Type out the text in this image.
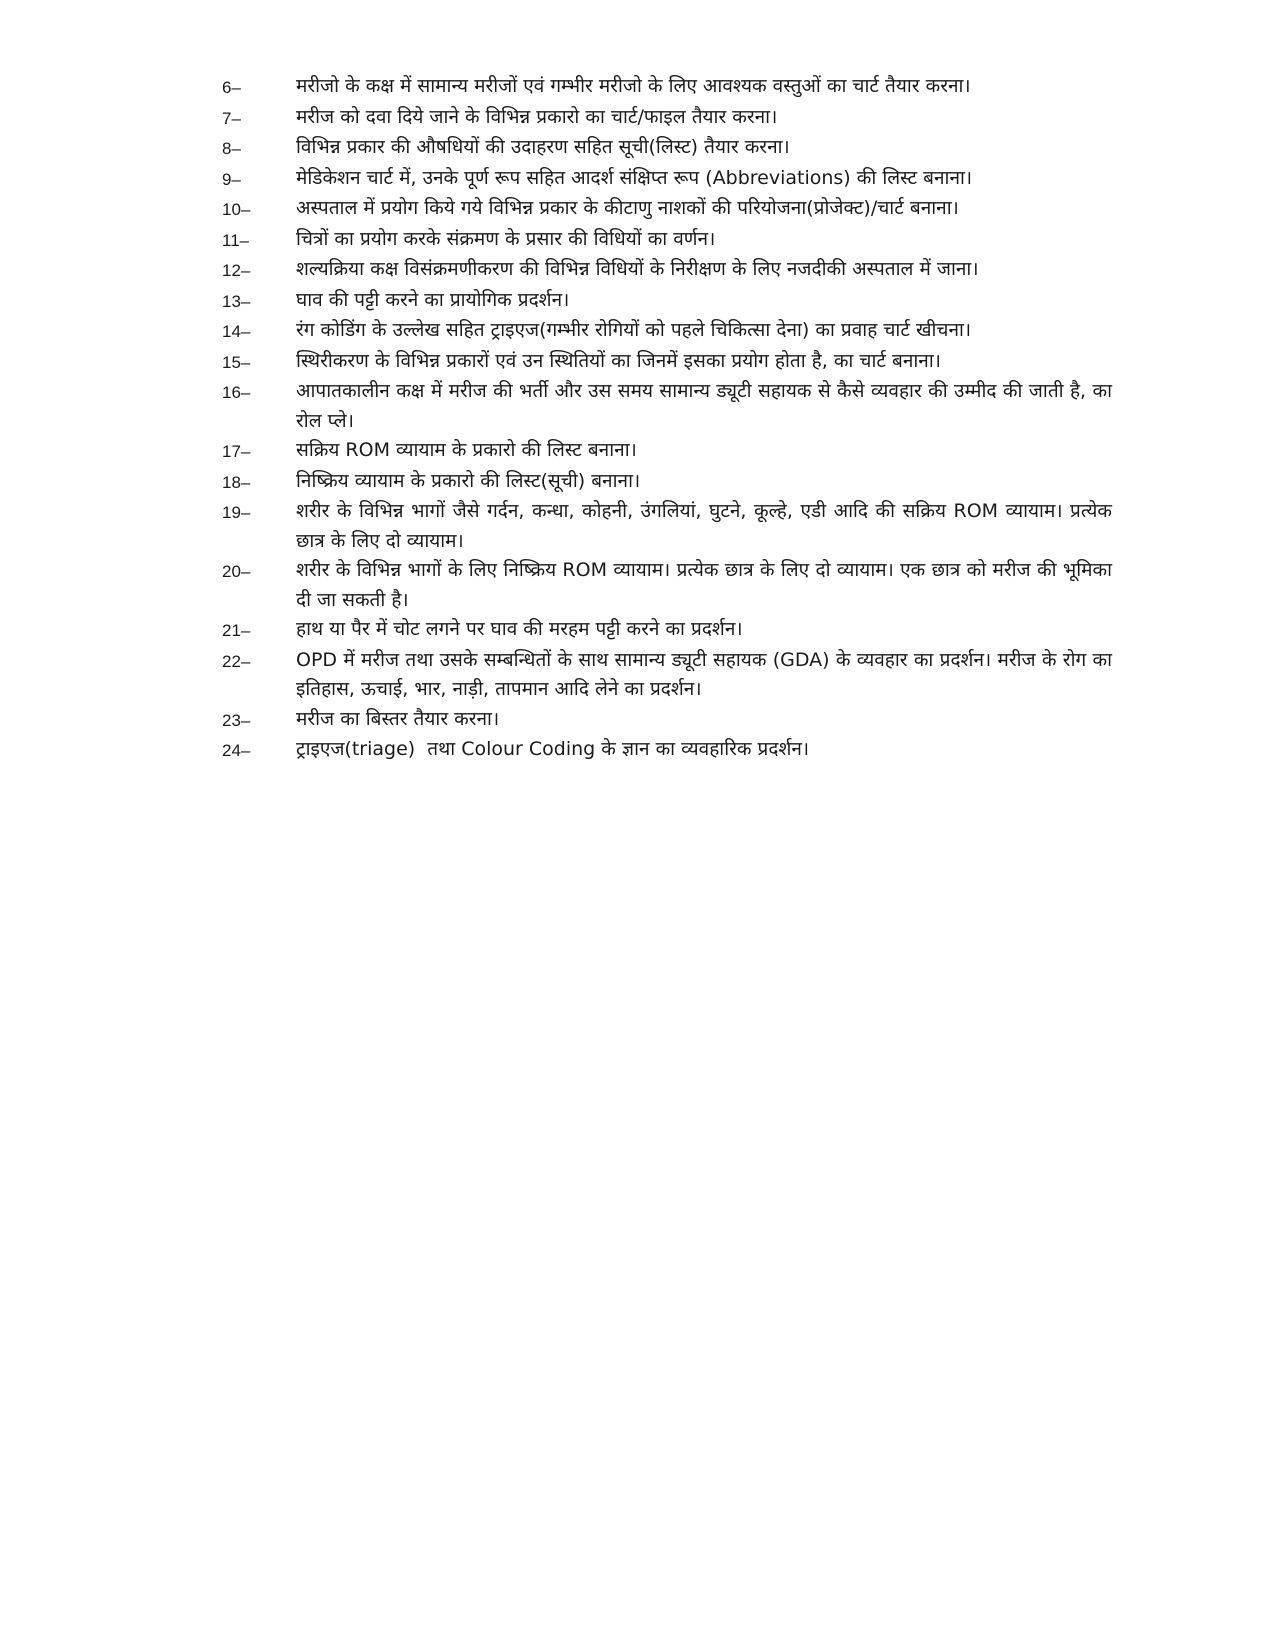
6–	मरीजो के कक्ष में सामान्य मरीजों एवं गम्भीर मरीजो के लिए आवश्यक वस्तुओं का चार्ट तैयार करना।
7–	मरीज को दवा दिये जाने के विभिन्न प्रकारो का चार्ट/फाइल तैयार करना।
8–	विभिन्न प्रकार की औषधियों की उदाहरण सहित सूची(लिस्ट) तैयार करना।
9–	मेडिकेशन चार्ट में, उनके पूर्ण रूप सहित आदर्श संक्षिप्त रूप (Abbreviations) की लिस्ट बनाना।
10–	अस्पताल में प्रयोग किये गये विभिन्न प्रकार के कीटाणु नाशकों की परियोजना(प्रोजेक्ट)/चार्ट बनाना।
11–	चित्रों का प्रयोग करके संक्रमण के प्रसार की विधियों का वर्णन।
12–	शल्यक्रिया कक्ष विसंक्रमणीकरण की विभिन्न विधियों के निरीक्षण के लिए नजदीकी अस्पताल में जाना।
13–	घाव की पट्टी करने का प्रायोगिक प्रदर्शन।
14–	रंग कोडिंग के उल्लेख सहित ट्राइएज(गम्भीर रोगियों को पहले चिकित्सा देना) का प्रवाह चार्ट खीचना।
15–	स्थिरीकरण के विभिन्न प्रकारों एवं उन स्थितियों का जिनमें इसका प्रयोग होता है, का चार्ट बनाना।
16–	आपातकालीन कक्ष में मरीज की भर्ती और उस समय सामान्य ड्यूटी सहायक से कैसे व्यवहार की उम्मीद की जाती है, का रोल प्ले।
17–	सक्रिय ROM व्यायाम के प्रकारो की लिस्ट बनाना।
18–	निष्क्रिय व्यायाम के प्रकारो की लिस्ट(सूची) बनाना।
19–	शरीर के विभिन्न भागों जैसे गर्दन, कन्धा, कोहनी, उंगलियां, घुटने, कूल्हे, एडी आदि की सक्रिय ROM व्यायाम। प्रत्येक छात्र के लिए दो व्यायाम।
20–	शरीर के विभिन्न भागों के लिए निष्क्रिय ROM व्यायाम। प्रत्येक छात्र के लिए दो व्यायाम। एक छात्र को मरीज की भूमिका दी जा सकती है।
21–	हाथ या पैर में चोट लगने पर घाव की मरहम पट्टी करने का प्रदर्शन।
22–	OPD में मरीज तथा उसके सम्बन्धितों के साथ सामान्य ड्यूटी सहायक (GDA) के व्यवहार का प्रदर्शन। मरीज के रोग का इतिहास, ऊचाई, भार, नाड़ी, तापमान आदि लेने का प्रदर्शन।
23–	मरीज का बिस्तर तैयार करना।
24–	ट्राइएज(triage)  तथा Colour Coding के ज्ञान का व्यवहारिक प्रदर्शन।
